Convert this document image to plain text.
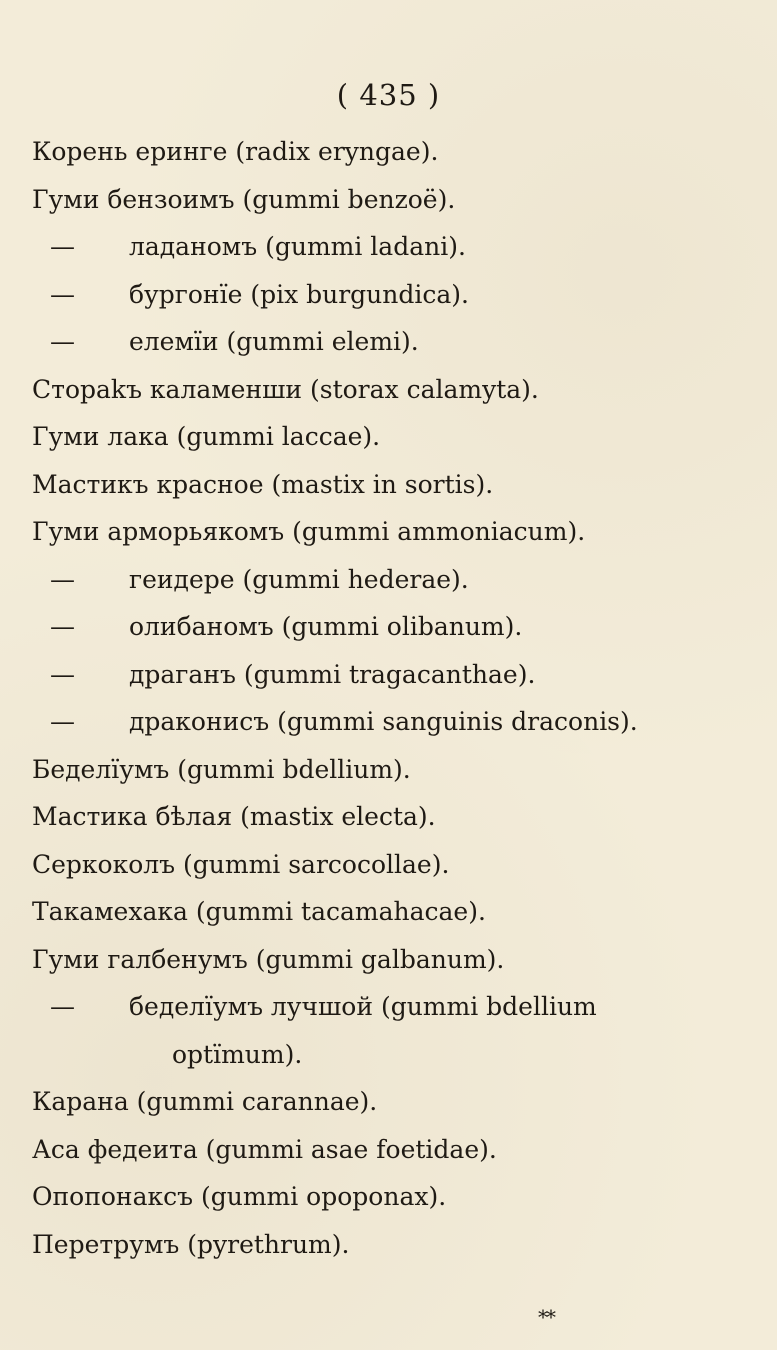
( 435 )
Корень еринге (radix eryngae).
Гуми бензоимъ (gummi benzoë).
—	ладаномъ (gummi ladani).
—	бургонїе (pix burgundica).
—	елемїи (gummi elemi).
Стораkъ каламенши (storax calamyta).
Гуми лака (gummi laccae).
Мастикъ красное (mastix in sortis).
Гуми арморьякомъ (gummi ammoniacum).
—	геидере (gummi hederae).
—	олибаномъ (gummi olibanum).
—	драганъ (gummi tragacanthae).
—	драконисъ (gummi sanguinis draconis).
Беделїумъ (gummi bdellium).
Мастика бѣлая (mastix electa).
Серкоколъ (gummi sarcocollae).
Такамехака (gummi tacamahacae).
Гуми галбенумъ (gummi galbanum).
—	беделїумъ лучшой (gummi bdellium
optïmum).
Карана (gummi carannae).
Аса федеита (gummi asae foetidae).
Опопонаксъ (gummi opoponax).
Перетрумъ (pyrethrum).
**
